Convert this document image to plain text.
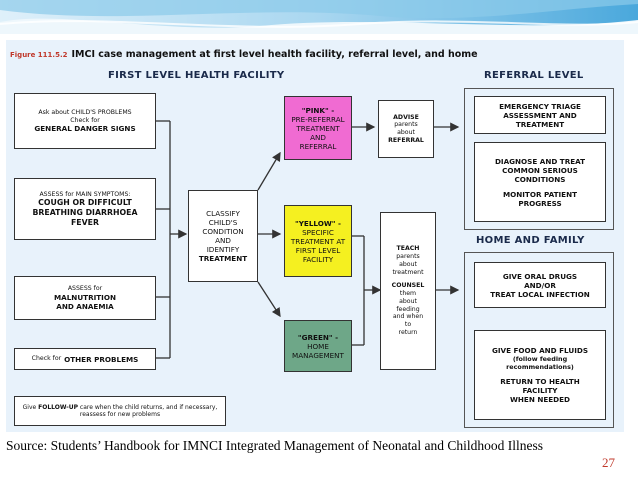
Figure 111.5.2 IMCI case management at first level health facility, referral level, and home
FIRST LEVEL HEALTH FACILITY	REFERRAL LEVEL
HOME AND FAMILY
Ask about CHILD'S PROBLEMS
Check for
GENERAL DANGER SIGNS
ASSESS for MAIN SYMPTOMS:
COUGH OR DIFFICULT
BREATHING DIARRHOEA
FEVER
ASSESS for
MALNUTRITION
AND ANAEMIA
Check for OTHER PROBLEMS
Give FOLLOW-UP care when the child returns, and if necessary,
reassess for new problems
CLASSIFY
CHILD'S
CONDITION
AND
IDENTIFY
TREATMENT
"PINK" -
PRE-REFERRAL
TREATMENT
AND
REFERRAL
"YELLOW" -
SPECIFIC
TREATMENT AT
FIRST LEVEL
FACILITY
"GREEN" -
HOME
MANAGEMENT
ADVISE
parents
about
REFERRAL
TEACH
parents
about
treatment
COUNSEL
them
about
feeding
and when
to
return
EMERGENCY TRIAGE
ASSESSMENT AND
TREATMENT
DIAGNOSE AND TREAT
COMMON SERIOUS
CONDITIONS
MONITOR PATIENT
PROGRESS
GIVE ORAL DRUGS
AND/OR
TREAT LOCAL INFECTION
GIVE FOOD AND FLUIDS
(follow feeding
recommendations)
RETURN TO HEALTH
FACILITY
WHEN NEEDED
Source: Students’ Handbook for IMNCI Integrated Management of Neonatal and Childhood Illness
27
